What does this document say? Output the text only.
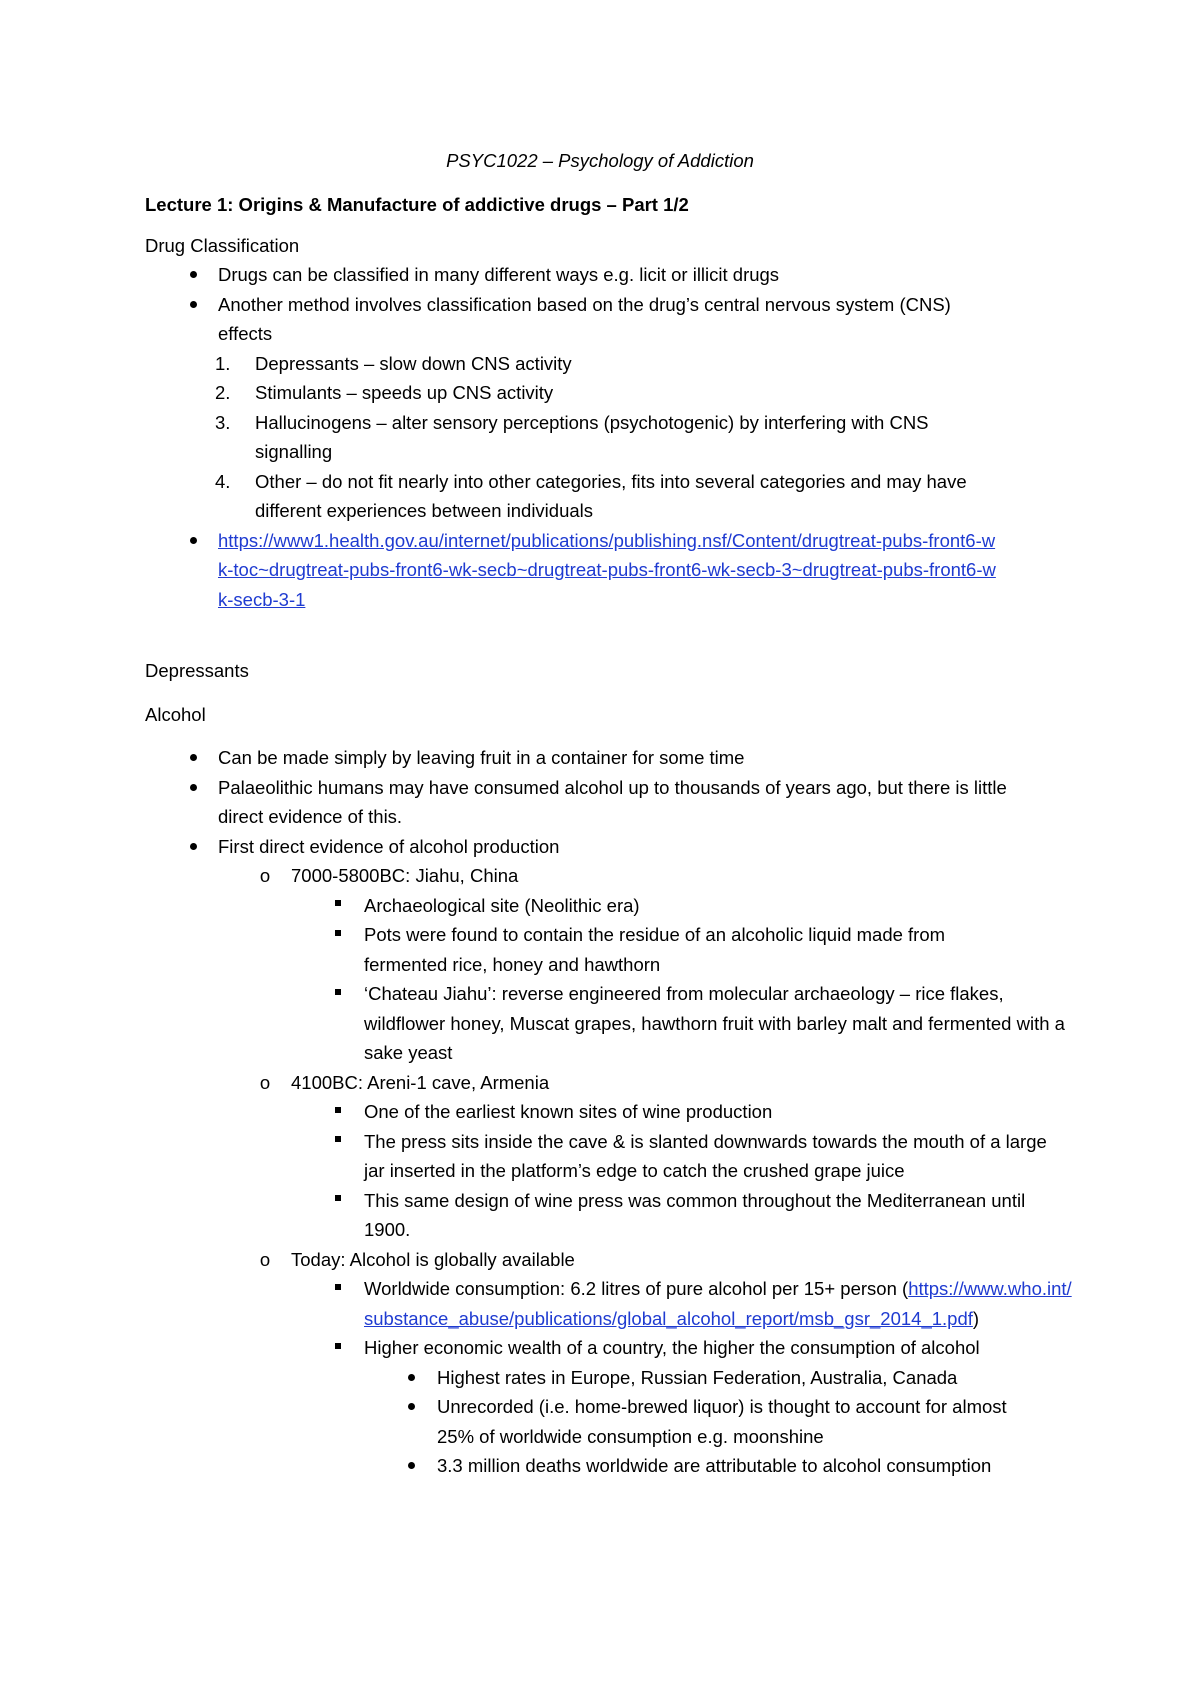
PSYC1022 – Psychology of Addiction
Lecture 1: Origins & Manufacture of addictive drugs – Part 1/2
Drug Classification
Drugs can be classified in many different ways e.g. licit or illicit drugs
Another method involves classification based on the drug’s central nervous system (CNS) effects
1.	Depressants – slow down CNS activity
2.	Stimulants – speeds up CNS activity
3.	Hallucinogens – alter sensory perceptions (psychotogenic) by interfering with CNS signalling
4.	Other – do not fit nearly into other categories, fits into several categories and may have different experiences between individuals
https://www1.health.gov.au/internet/publications/publishing.nsf/Content/drugtreat-pubs-front6-wk-toc~drugtreat-pubs-front6-wk-secb~drugtreat-pubs-front6-wk-secb-3~drugtreat-pubs-front6-wk-secb-3-1
Depressants
Alcohol
Can be made simply by leaving fruit in a container for some time
Palaeolithic humans may have consumed alcohol up to thousands of years ago, but there is little direct evidence of this.
First direct evidence of alcohol production
o 7000-5800BC: Jiahu, China
Archaeological site (Neolithic era)
Pots were found to contain the residue of an alcoholic liquid made from fermented rice, honey and hawthorn
‘Chateau Jiahu’: reverse engineered from molecular archaeology – rice flakes, wildflower honey, Muscat grapes, hawthorn fruit with barley malt and fermented with a sake yeast
o 4100BC: Areni-1 cave, Armenia
One of the earliest known sites of wine production
The press sits inside the cave & is slanted downwards towards the mouth of a large jar inserted in the platform’s edge to catch the crushed grape juice
This same design of wine press was common throughout the Mediterranean until 1900.
o Today: Alcohol is globally available
Worldwide consumption: 6.2 litres of pure alcohol per 15+ person (https://www.who.int/substance_abuse/publications/global_alcohol_report/msb_gsr_2014_1.pdf)
Higher economic wealth of a country, the higher the consumption of alcohol
Highest rates in Europe, Russian Federation, Australia, Canada
Unrecorded (i.e. home-brewed liquor) is thought to account for almost 25% of worldwide consumption e.g. moonshine
3.3 million deaths worldwide are attributable to alcohol consumption
